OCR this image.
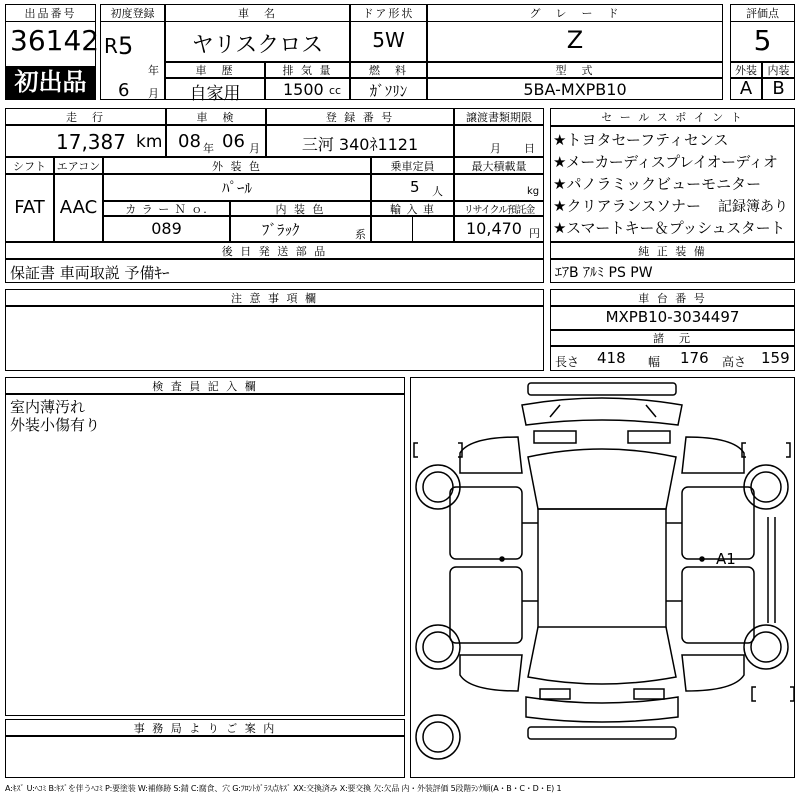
出品番号
36142
初出品
初度登録
R 5
年
6 月
車　名
ヤリスクロス
ドア形状
5W
グ　レ　ー　ド
Z
評価点
5
車　歴
自家用
排 気 量
1500 cc
燃　料
ｶﾞｿﾘﾝ
型　式
5BA-MXPB10
外装 内装
A	B
走　行
17,387 km
車　検
08 年 06 月
登 録 番 号
三河 340ﾈ1121
譲渡書類期限
月 日
セ ー ル ス ポ イ ン ト
★トヨタセーフティセンス
★メーカーディスプレイオーディオ
★パノラミックビューモニター
★クリアランスソナー 記録簿あり
★スマートキー＆プッシュスタート
シフト
FAT
エアコン
AAC
外 装 色
ﾊﾟｰﾙ
乗車定員
5 人
最大積載量
kg
カ ラ ー Ｎ ｏ.
089
内 装 色
ﾌﾞﾗｯｸ	系
輸 入 車	リサイクル預託金
10,470 円
後 日 発 送 部 品
保証書 車両取説 予備ｷｰ
純 正 装 備
ｴｱB ｱﾙﾐ PS PW
注 意 事 項 欄	車 台 番 号
MXPB10-3034497
諸　元
長さ 418 幅 176 高さ 159
検 査 員 記 入 欄
室内薄汚れ
外装小傷有り
事 務 局 よ り ご 案 内
A1
A:ｷｽﾞ U:ﾍｺﾐ B:ｷｽﾞを伴うﾍｺﾐ P:要塗装 W:補修跡 S:錆 C:腐食、穴 G:ﾌﾛﾝﾄｶﾞﾗｽ点ｷｽﾞ XX:交換済み X:要交換 欠:欠品 内・外装評価 5段階ﾗﾝｸ順(A・B・C・D・E) 1
